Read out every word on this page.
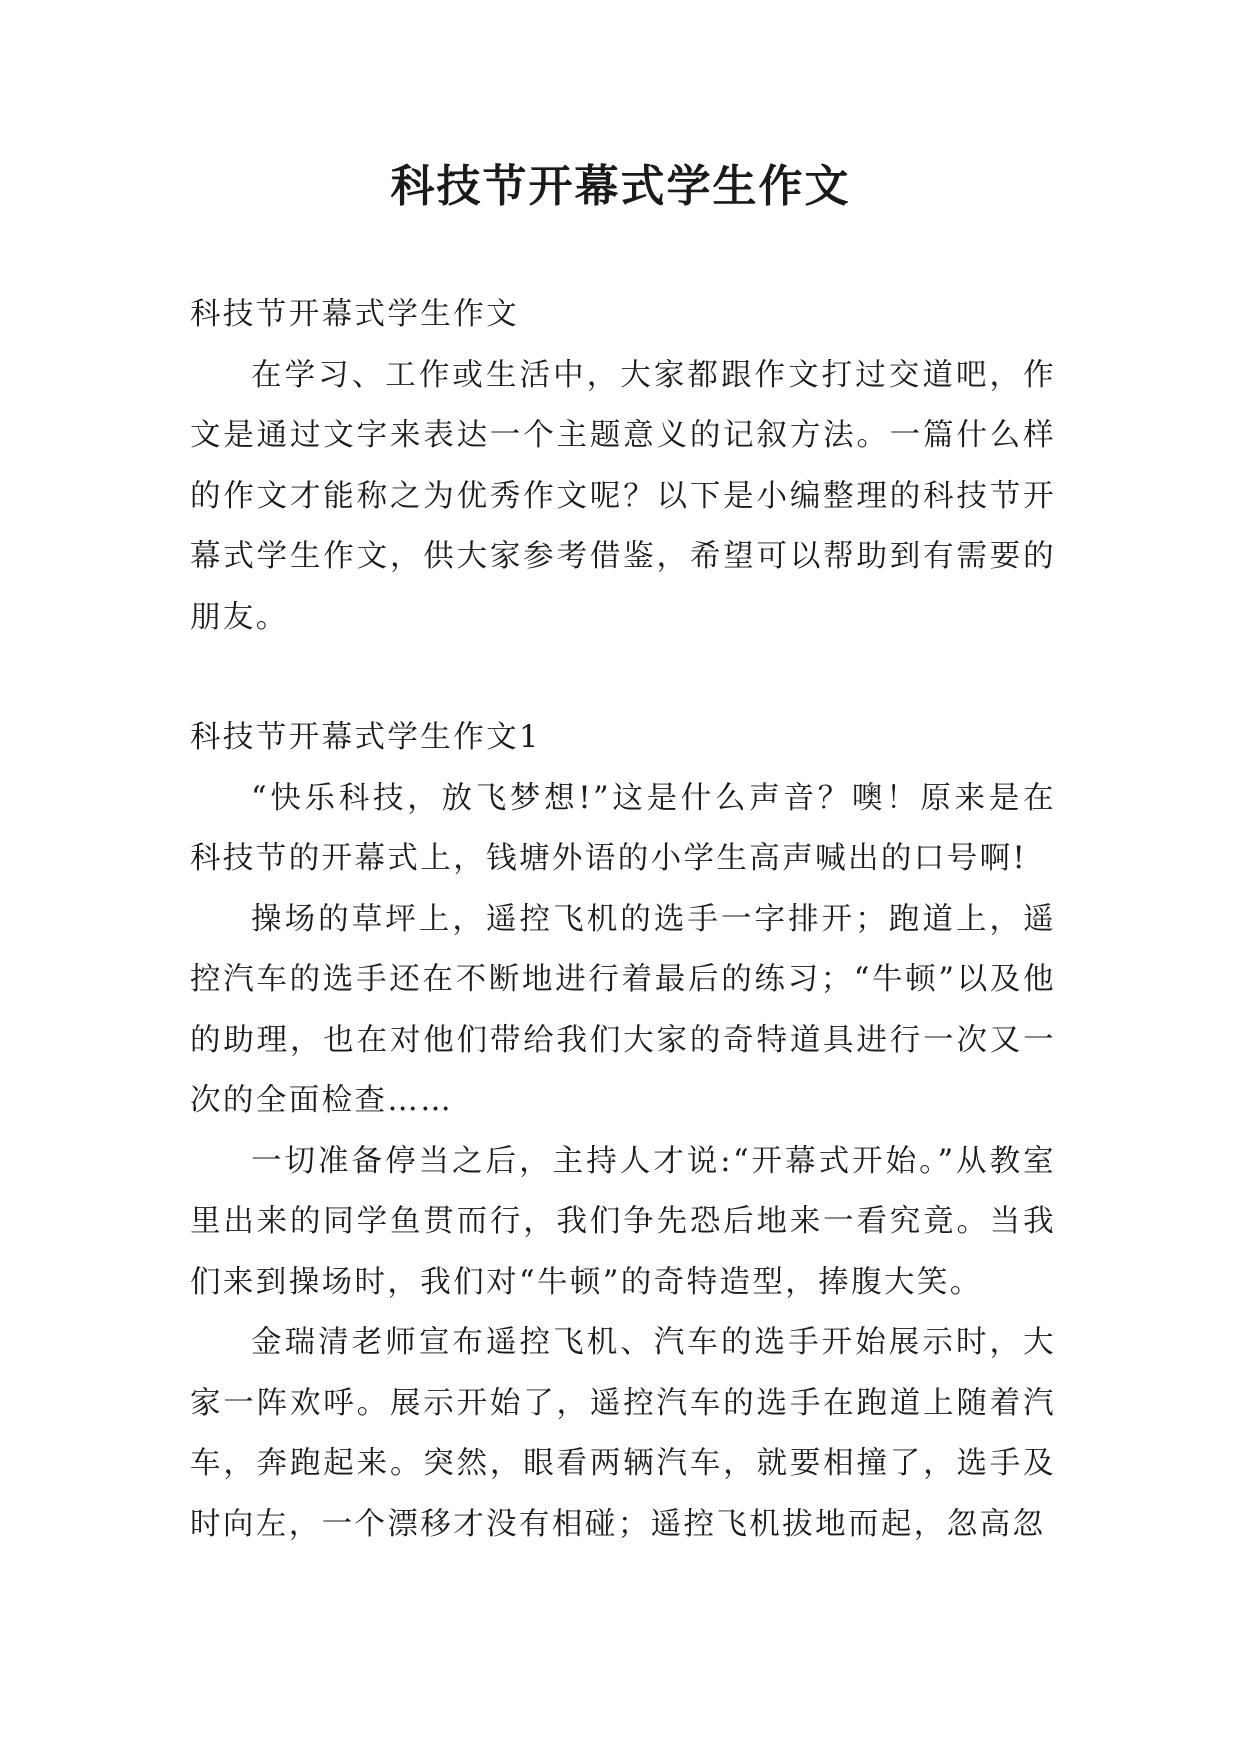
科技节开幕式学生作文

科技节开幕式学生作文

在学习、工作或生活中，大家都跟作文打过交道吧，作文是通过文字来表达一个主题意义的记叙方法。一篇什么样的作文才能称之为优秀作文呢？以下是小编整理的科技节开幕式学生作文，供大家参考借鉴，希望可以帮助到有需要的朋友。

科技节开幕式学生作文1

“快乐科技，放飞梦想!”这是什么声音？噢！原来是在科技节的开幕式上，钱塘外语的小学生高声喊出的口号啊!

操场的草坪上，遥控飞机的选手一字排开；跑道上，遥控汽车的选手还在不断地进行着最后的练习；“牛顿”以及他的助理，也在对他们带给我们大家的奇特道具进行一次又一次的全面检查……

一切准备停当之后，主持人才说:“开幕式开始。”从教室里出来的同学鱼贯而行，我们争先恐后地来一看究竟。当我们来到操场时，我们对“牛顿”的奇特造型，捧腹大笑。

金瑞清老师宣布遥控飞机、汽车的选手开始展示时，大家一阵欢呼。展示开始了，遥控汽车的选手在跑道上随着汽车，奔跑起来。突然，眼看两辆汽车，就要相撞了，选手及时向左，一个漂移才没有相碰；遥控飞机拔地而起，忽高忽
